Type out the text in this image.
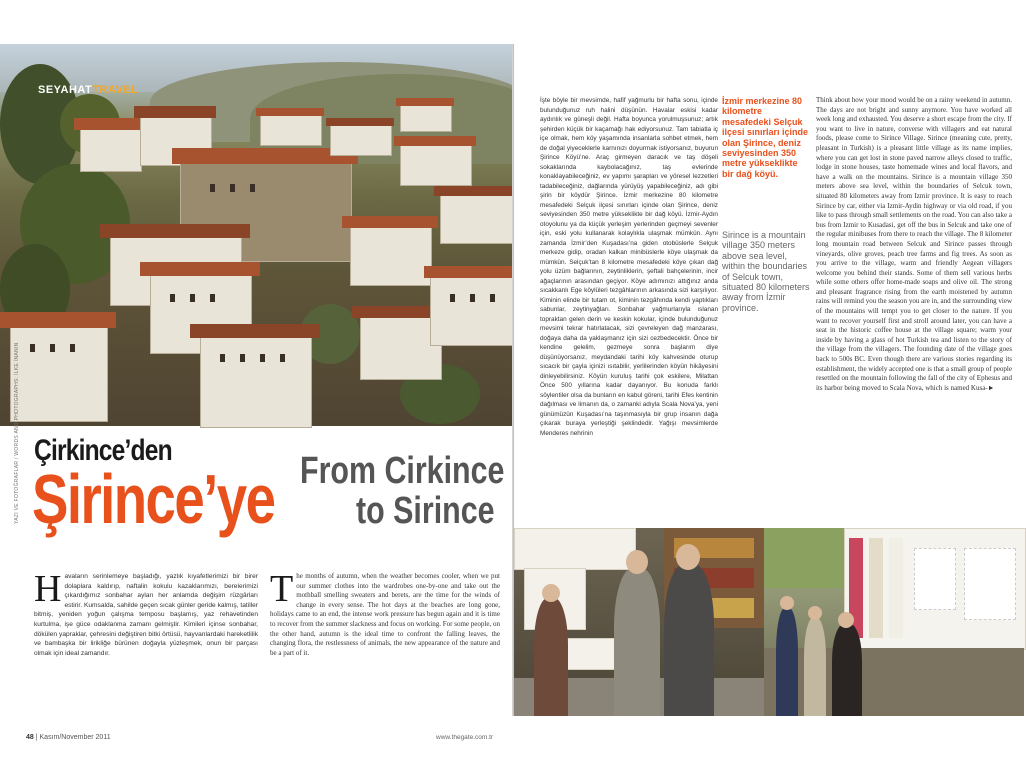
SEYAHATTRAVEL
Çirkince’den
Şirince’ye From Cirkince
to Sirince
YAZI VE FOTOĞRAFLAR / WORDS AND PHOTOGRAPHS: İLKE İNANIN
Havaların serinlemeye başladığı, yazlık kıyafetlerimizi bir birer dolaplara kaldırıp, naftalin kokulu kazaklarımızı, berelerimizi çıkardığımız sonbahar ayları her anlamda değişim rüzgârları estirir. Kumsalda, sahilde geçen sıcak günler geride kalmış, tatiller bitmiş, yeniden yoğun çalışma temposu başlamış, yaz rehavetinden kurtulma, işe güce odaklanma zamanı gelmiştir. Kimileri içinse sonbahar, dökülen yapraklar, çehresini değiştiren bitki örtüsü, hayvanlardaki hareketlilik ve bambaşka bir lirikliğe bürünen doğayla yüzleşmek, onun bir parçası olmak için ideal zamandır.
The months of autumn, when the weather becomes cooler, when we put our summer clothes into the wardrobes one-by-one and take out the mothball smelling sweaters and berets, are the time for the winds of change in every sense. The hot days at the beaches are long gone, holidays came to an end, the intense work pressure has begun again and it is time to recover from the summer slackness and focus on working. For some people, on the other hand, autumn is the ideal time to confront the falling leaves, the changing flora, the restlessness of animals, the new appearance of the nature and be a part of it.
48 | Kasım/November 2011	www.thegate.com.tr
İşte böyle bir mevsimde, hafif yağmurlu bir hafta sonu, içinde bulunduğunuz ruh halini düşünün. Havalar eskisi kadar aydınlık ve güneşli değil. Hafta boyunca yorulmuşsunuz; artık şehirden küçük bir kaçamağı hak ediyorsunuz. Tam tabiatla iç içe olmak, hem köy yaşamında insanlarla sohbet etmek, hem de doğal yiyeceklerle karnınızı doyurmak istiyorsanız, buyurun Şirince Köyü’ne. Araç girmeyen daracık ve taş döşeli sokaklarında kaybolacağınız, taş evlerinde konaklayabileceğiniz, ev yapımı şarapları ve yöresel lezzetleri tadabileceğiniz, dağlarında yürüyüş yapabileceğiniz, adı gibi şirin bir köydür Şirince. İzmir merkezine 80 kilometre mesafedeki Selçuk ilçesi sınırları içinde olan Şirince, deniz seviyesinden 350 metre yükseklikte bir dağ köyü. İzmir-Aydın otoyolunu ya da küçük yerleşim yerlerinden geçmeyi sevenler için, eski yolu kullanarak kolaylıkla ulaşmak mümkün. Aynı zamanda İzmir’den Kuşadası’na giden otobüslerle Selçuk merkeze gidip, oradan kalkan minibüslerle köye ulaşmak da mümkün. Selçuk’tan 8 kilometre mesafedeki köye çıkan dağ yolu üzüm bağlarının, zeytinliklerin, şeftali bahçelerinin, incir ağaçlarının arasından geçiyor. Köye adımınızı attığınız anda sıcakkanlı Ege köylüleri tezgâhlarının arkasında sizi karşılıyor. Kiminin elinde bir tutam ot, kiminin tezgâhında kendi yaptıkları sabunlar, zeytinyağları. Sonbahar yağmurlarıyla ıslanan topraktan gelen derin ve keskin kokular, içinde bulunduğunuz mevsimi tekrar hatırlatacak, sizi çevreleyen dağ manzarası, doğaya daha da yaklaşmanız için sizi cezbedecektir. Önce bir kendine gelelim, gezmeye sonra başlarım diye düşünüyorsanız, meydandaki tarihi köy kahvesinde oturup sıcacık bir çayla içinizi ısıtabilir, yerlilerinden köyün hikâyesini dinleyebilirsiniz. Köyün kuruluş tarihi çok eskilere, Milattan Önce 500 yıllarına kadar dayanıyor. Bu konuda farklı söylentiler olsa da bunların en kabul göreni, tarihi Efes kentinin dağılması ve limanın da, o zamanki adıyla Scala Nova’ya, yeni günümüzün Kuşadası’na taşınmasıyla bir grup insanın dağa çıkarak buraya yerleştiği şeklindedir. Yağışı mevsimlerde Menderes nehrinin
İzmir merkezine 80 kilometre mesafedeki Selçuk ilçesi sınırları içinde olan Şirince, deniz seviyesinden 350 metre yükseklikte bir dağ köyü.
Sirince is a mountain village 350 meters above sea level, within the boundaries of Selcuk town, situated 80 kilometers away from İzmir province.
Think about how your mood would be on a rainy weekend in autumn. The days are not bright and sunny anymore. You have worked all week long and exhausted. You deserve a short escape from the city. If you want to live in nature, converse with villagers and eat natural foods, please come to Sirince Village. Sirince (meaning cute, pretty, pleasant in Turkish) is a pleasant little village as its name implies, where you can get lost in stone paved narrow alleys closed to traffic, lodge in stone houses, taste homemade wines and local flavors, and have a walk on the mountains. Sirince is a mountain village 350 meters above sea level, within the boundaries of Selcuk town, situated 80 kilometers away from Izmir province. It is easy to reach Sirince by car, either via Izmir-Aydin highway or via old road, if you like to pass through small settlements on the road. You can also take a bus from Izmir to Kusadasi, get off the bus in Selcuk and take one of the regular minibuses from there to reach the village. The 8 kilometer long mountain road between Selcuk and Sirince passes through vineyards, olive groves, peach tree farms and fig trees. As soon as you arrive to the village, warm and friendly Aegean villagers welcome you behind their stands. Some of them sell various herbs while some others offer home-made soaps and olive oil. The strong and pleasant fragrance rising from the earth moistened by autumn rains will remind you the season you are in, and the surrounding view of the mountains will tempt you to get closer to the nature. If you want to recover yourself first and stroll around later, you can have a seat in the historic coffee house at the village square; warm your inside by having a glass of hot Turkish tea and listen to the story of the village from the villagers. The founding date of the village goes back to 500s BC. Even though there are various stories regarding its establishment, the widely accepted one is that a small group of people resettled on the mountain following the fall of the city of Ephesus and its harbor being moved to Scala Nova, which is named Kusa-►
